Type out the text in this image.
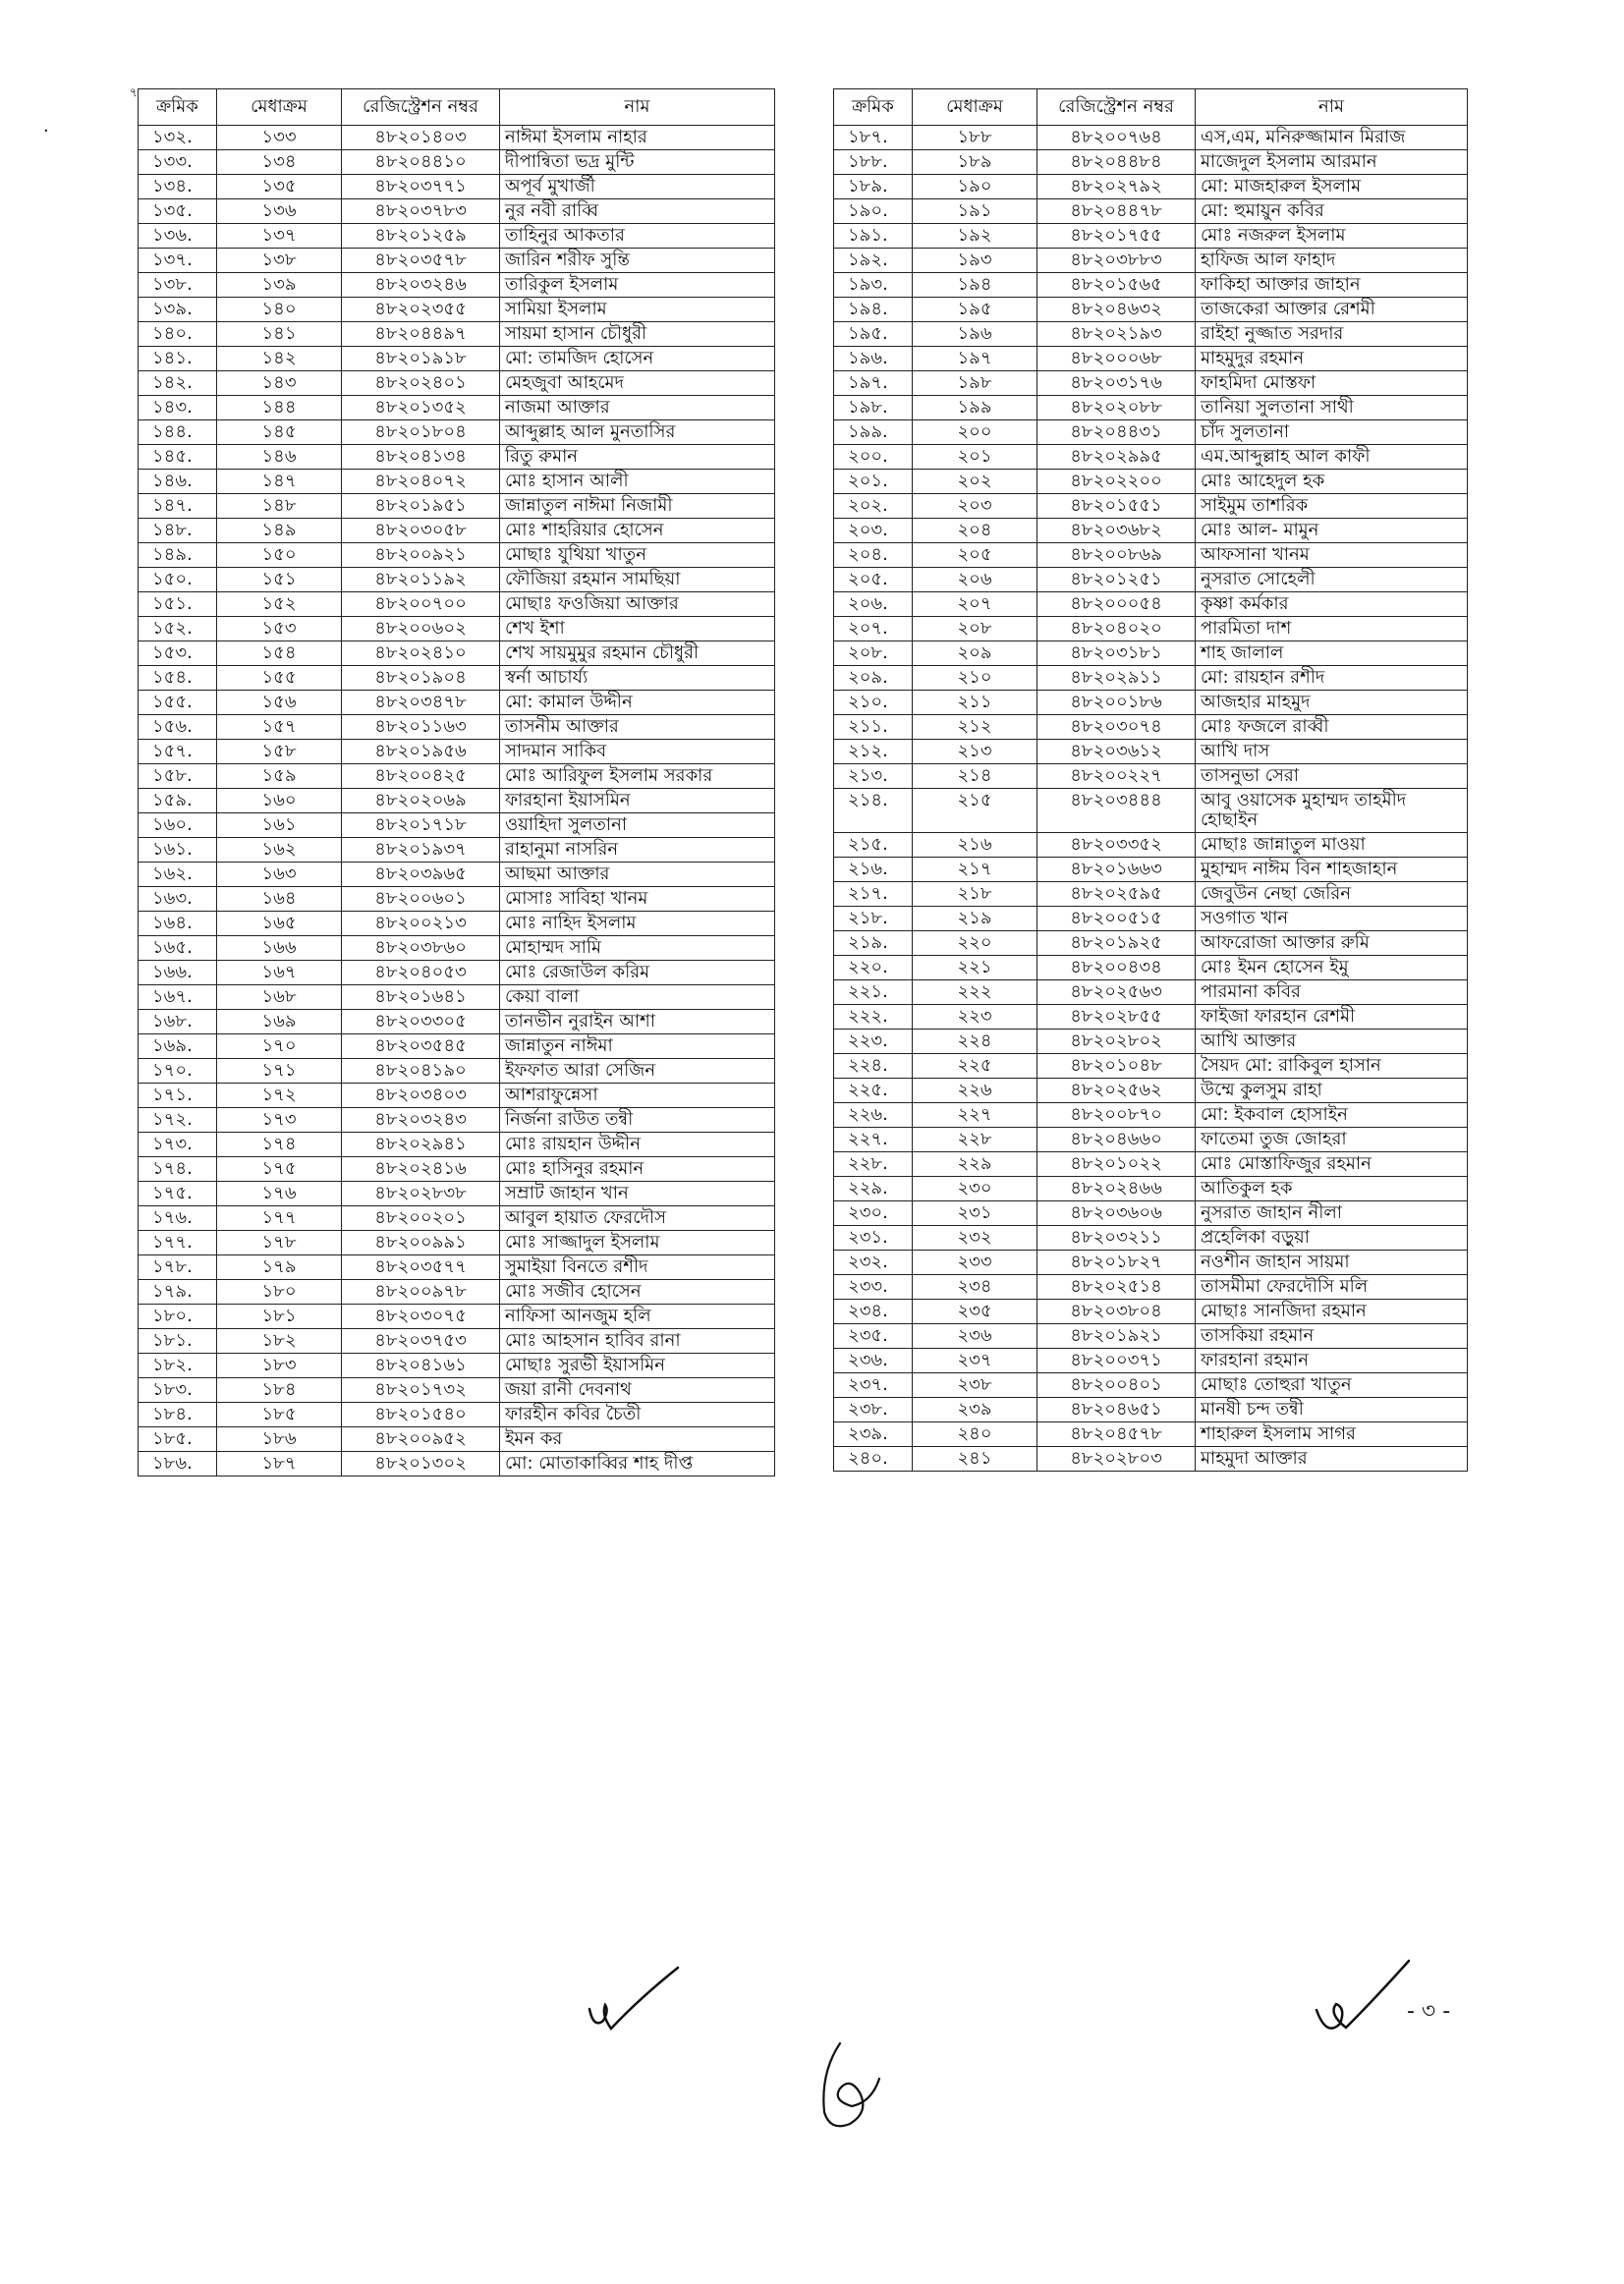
৭
.
ক্রমিক	মেধাক্রম	রেজিস্ট্রেশন নম্বর	নাম
১৩২.	১৩৩	৪৮২০১৪০৩	নাঈমা ইসলাম নাহার
১৩৩.	১৩৪	৪৮২০৪৪১০	দীপান্বিতা ভদ্র মুন্টি
১৩৪.	১৩৫	৪৮২০৩৭৭১	অপূর্ব মুখার্জী
১৩৫.	১৩৬	৪৮২০৩৭৮৩	নুর নবী রাব্বি
১৩৬.	১৩৭	৪৮২০১২৫৯	তাহিনুর আকতার
১৩৭.	১৩৮	৪৮২০৩৫৭৮	জারিন শরীফ সুন্তি
১৩৮.	১৩৯	৪৮২০৩২৪৬	তারিকুল ইসলাম
১৩৯.	১৪০	৪৮২০২৩৫৫	সামিয়া ইসলাম
১৪০.	১৪১	৪৮২০৪৪৯৭	সায়মা হাসান চৌধুরী
১৪১.	১৪২	৪৮২০১৯১৮	মো: তামজিদ হোসেন
১৪২.	১৪৩	৪৮২০২৪০১	মেহজুবা আহমেদ
১৪৩.	১৪৪	৪৮২০১৩৫২	নাজমা আক্তার
১৪৪.	১৪৫	৪৮২০১৮০৪	আব্দুল্লাহ আল মুনতাসির
১৪৫.	১৪৬	৪৮২০৪১৩৪	রিতু রুমান
১৪৬.	১৪৭	৪৮২০৪০৭২	মোঃ হাসান আলী
১৪৭.	১৪৮	৪৮২০১৯৫১	জান্নাতুল নাঈমা নিজামী
১৪৮.	১৪৯	৪৮২০৩০৫৮	মোঃ শাহরিয়ার হোসেন
১৪৯.	১৫০	৪৮২০০৯২১	মোছাঃ যুথিয়া খাতুন
১৫০.	১৫১	৪৮২০১১৯২	ফৌজিয়া রহমান সামছিয়া
১৫১.	১৫২	৪৮২০০৭০০	মোছাঃ ফওজিয়া আক্তার
১৫২.	১৫৩	৪৮২০০৬০২	শেখ ইশা
১৫৩.	১৫৪	৪৮২০২৪১০	শেখ সায়মুমুর রহমান চৌধুরী
১৫৪.	১৫৫	৪৮২০১৯০৪	স্বর্না আচার্য্য
১৫৫.	১৫৬	৪৮২০৩৪৭৮	মো: কামাল উদ্দীন
১৫৬.	১৫৭	৪৮২০১১৬৩	তাসনীম আক্তার
১৫৭.	১৫৮	৪৮২০১৯৫৬	সাদমান সাকিব
১৫৮.	১৫৯	৪৮২০০৪২৫	মোঃ আরিফুল ইসলাম সরকার
১৫৯.	১৬০	৪৮২০২০৬৯	ফারহানা ইয়াসমিন
১৬০.	১৬১	৪৮২০১৭১৮	ওয়াহিদা সুলতানা
১৬১.	১৬২	৪৮২০১৯৩৭	রাহানুমা নাসরিন
১৬২.	১৬৩	৪৮২০৩৯৬৫	আছমা আক্তার
১৬৩.	১৬৪	৪৮২০০৬০১	মোসাঃ সাবিহা খানম
১৬৪.	১৬৫	৪৮২০০২১৩	মোঃ নাহিদ ইসলাম
১৬৫.	১৬৬	৪৮২০৩৮৬০	মোহাম্মদ সামি
১৬৬.	১৬৭	৪৮২০৪০৫৩	মোঃ রেজাউল করিম
১৬৭.	১৬৮	৪৮২০১৬৪১	কেয়া বালা
১৬৮.	১৬৯	৪৮২০৩৩০৫	তানভীন নুরাইন আশা
১৬৯.	১৭০	৪৮২০৩৫৪৫	জান্নাতুন নাঈমা
১৭০.	১৭১	৪৮২০৪১৯০	ইফফাত আরা সেজিন
১৭১.	১৭২	৪৮২০৩৪০৩	আশরাফুন্নেসা
১৭২.	১৭৩	৪৮২০৩২৪৩	নির্জনা রাউত তন্বী
১৭৩.	১৭৪	৪৮২০২৯৪১	মোঃ রায়হান উদ্দীন
১৭৪.	১৭৫	৪৮২০২৪১৬	মোঃ হাসিনুর রহমান
১৭৫.	১৭৬	৪৮২০২৮৩৮	সম্রাট জাহান খান
১৭৬.	১৭৭	৪৮২০০২০১	আবুল হায়াত ফেরদৌস
১৭৭.	১৭৮	৪৮২০০৯৯১	মোঃ সাজ্জাদুল ইসলাম
১৭৮.	১৭৯	৪৮২০৩৫৭৭	সুমাইয়া বিনতে রশীদ
১৭৯.	১৮০	৪৮২০০৯৭৮	মোঃ সজীব হোসেন
১৮০.	১৮১	৪৮২০৩০৭৫	নাফিসা আনজুম হলি
১৮১.	১৮২	৪৮২০৩৭৫৩	মোঃ আহসান হাবিব রানা
১৮২.	১৮৩	৪৮২০৪১৬১	মোছাঃ সুরভী ইয়াসমিন
১৮৩.	১৮৪	৪৮২০১৭৩২	জয়া রানী দেবনাথ
১৮৪.	১৮৫	৪৮২০১৫৪০	ফারহীন কবির চৈতী
১৮৫.	১৮৬	৪৮২০০৯৫২	ইমন কর
১৮৬.	১৮৭	৪৮২০১৩০২	মো: মোতাকাব্বির শাহ দীপ্ত
ক্রমিক	মেধাক্রম	রেজিস্ট্রেশন নম্বর	নাম
১৮৭.	১৮৮	৪৮২০০৭৬৪	এস,এম, মনিরুজ্জামান মিরাজ
১৮৮.	১৮৯	৪৮২০৪৪৮৪	মাজেদুল ইসলাম আরমান
১৮৯.	১৯০	৪৮২০২৭৯২	মো: মাজহারুল ইসলাম
১৯০.	১৯১	৪৮২০৪৪৭৮	মো: হুমায়ুন কবির
১৯১.	১৯২	৪৮২০১৭৫৫	মোঃ নজরুল ইসলাম
১৯২.	১৯৩	৪৮২০৩৮৮৩	হাফিজ আল ফাহাদ
১৯৩.	১৯৪	৪৮২০১৫৬৫	ফাকিহা আক্তার জাহান
১৯৪.	১৯৫	৪৮২০৪৬৩২	তাজকেরা আক্তার রেশমী
১৯৫.	১৯৬	৪৮২০২১৯৩	রাইহা নুজ্জাত সরদার
১৯৬.	১৯৭	৪৮২০০০৬৮	মাহমুদুর রহমান
১৯৭.	১৯৮	৪৮২০৩১৭৬	ফাহমিদা মোস্তফা
১৯৮.	১৯৯	৪৮২০২০৮৮	তানিয়া সুলতানা সাথী
১৯৯.	২০০	৪৮২০৪৪৩১	চাঁদ সুলতানা
২০০.	২০১	৪৮২০২৯৯৫	এম.আব্দুল্লাহ আল কাফী
২০১.	২০২	৪৮২০২২০০	মোঃ আহেদুল হক
২০২.	২০৩	৪৮২০১৫৫১	সাইমুম তাশরিক
২০৩.	২০৪	৪৮২০৩৬৮২	মোঃ আল- মামুন
২০৪.	২০৫	৪৮২০০৮৬৯	আফসানা খানম
২০৫.	২০৬	৪৮২০১২৫১	নুসরাত সোহেলী
২০৬.	২০৭	৪৮২০০০৫৪	কৃষ্ণা কর্মকার
২০৭.	২০৮	৪৮২০৪০২০	পারমিতা দাশ
২০৮.	২০৯	৪৮২০৩১৮১	শাহ জালাল
২০৯.	২১০	৪৮২০২৯১১	মো: রায়হান রশীদ
২১০.	২১১	৪৮২০০১৮৬	আজহার মাহমুদ
২১১.	২১২	৪৮২০৩০৭৪	মোঃ ফজলে রাব্বী
২১২.	২১৩	৪৮২০৩৬১২	আখি দাস
২১৩.	২১৪	৪৮২০০২২৭	তাসনুভা সেরা
২১৪.	২১৫	৪৮২০৩৪৪৪	আবু ওয়াসেক মুহাম্মদ তাহমীদ হোছাইন
২১৫.	২১৬	৪৮২০৩৩৫২	মোছাঃ জান্নাতুল মাওয়া
২১৬.	২১৭	৪৮২০১৬৬৩	মুহাম্মদ নাঈম বিন শাহজাহান
২১৭.	২১৮	৪৮২০২৫৯৫	জেবুউন নেছা জেরিন
২১৮.	২১৯	৪৮২০০৫১৫	সওগাত খান
২১৯.	২২০	৪৮২০১৯২৫	আফরোজা আক্তার রুমি
২২০.	২২১	৪৮২০০৪৩৪	মোঃ ইমন হোসেন ইমু
২২১.	২২২	৪৮২০২৫৬৩	পারমানা কবির
২২২.	২২৩	৪৮২০২৮৫৫	ফাইজা ফারহান রেশমী
২২৩.	২২৪	৪৮২০২৮০২	আখি আক্তার
২২৪.	২২৫	৪৮২০১০৪৮	সৈয়দ মো: রাকিবুল হাসান
২২৫.	২২৬	৪৮২০২৫৬২	উম্মে কুলসুম রাহা
২২৬.	২২৭	৪৮২০০৮৭০	মো: ইকবাল হোসাইন
২২৭.	২২৮	৪৮২০৪৬৬০	ফাতেমা তুজ জোহরা
২২৮.	২২৯	৪৮২০১০২২	মোঃ মোস্তাফিজুর রহমান
২২৯.	২৩০	৪৮২০২৪৬৬	আতিকুল হক
২৩০.	২৩১	৪৮২০৩৬০৬	নুসরাত জাহান নীলা
২৩১.	২৩২	৪৮২০৩২১১	প্রহেলিকা বড়ুয়া
২৩২.	২৩৩	৪৮২০১৮২৭	নওশীন জাহান সায়মা
২৩৩.	২৩৪	৪৮২০২৫১৪	তাসমীমা ফেরদৌসি মলি
২৩৪.	২৩৫	৪৮২০৩৮০৪	মোছাঃ সানজিদা রহমান
২৩৫.	২৩৬	৪৮২০১৯২১	তাসকিয়া রহমান
২৩৬.	২৩৭	৪৮২০০৩৭১	ফারহানা রহমান
২৩৭.	২৩৮	৪৮২০০৪০১	মোছাঃ তোহুরা খাতুন
২৩৮.	২৩৯	৪৮২০৪৬৫১	মানষী চন্দ তন্বী
২৩৯.	২৪০	৪৮২০৪৫৭৮	শাহারুল ইসলাম সাগর
২৪০.	২৪১	৪৮২০২৮০৩	মাহমুদা আক্তার
- ৩ -
